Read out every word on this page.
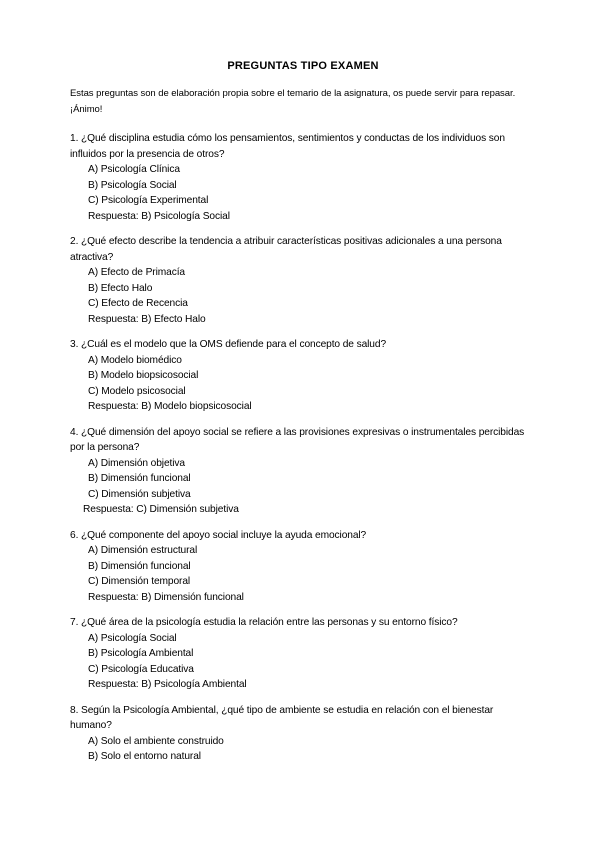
PREGUNTAS TIPO EXAMEN

Estas preguntas son de elaboración propia sobre el temario de la asignatura, os puede servir para repasar. ¡Ánimo!

1. ¿Qué disciplina estudia cómo los pensamientos, sentimientos y conductas de los individuos son influidos por la presencia de otros?

A) Psicología Clínica
B) Psicología Social
C) Psicología Experimental
Respuesta: B) Psicología Social

2. ¿Qué efecto describe la tendencia a atribuir características positivas adicionales a una persona atractiva?

A) Efecto de Primacía
B) Efecto Halo
C) Efecto de Recencia
Respuesta: B) Efecto Halo

3. ¿Cuál es el modelo que la OMS defiende para el concepto de salud?

A) Modelo biomédico
B) Modelo biopsicosocial
C) Modelo psicosocial
Respuesta: B) Modelo biopsicosocial

4. ¿Qué dimensión del apoyo social se refiere a las provisiones expresivas o instrumentales percibidas por la persona?

A) Dimensión objetiva
B) Dimensión funcional
C) Dimensión subjetiva
Respuesta: C) Dimensión subjetiva

6. ¿Qué componente del apoyo social incluye la ayuda emocional?

A) Dimensión estructural
B) Dimensión funcional
C) Dimensión temporal
Respuesta: B) Dimensión funcional

7. ¿Qué área de la psicología estudia la relación entre las personas y su entorno físico?

A) Psicología Social
B) Psicología Ambiental
C) Psicología Educativa
Respuesta: B) Psicología Ambiental

8. Según la Psicología Ambiental, ¿qué tipo de ambiente se estudia en relación con el bienestar humano?

A) Solo el ambiente construido
B) Solo el entorno natural
